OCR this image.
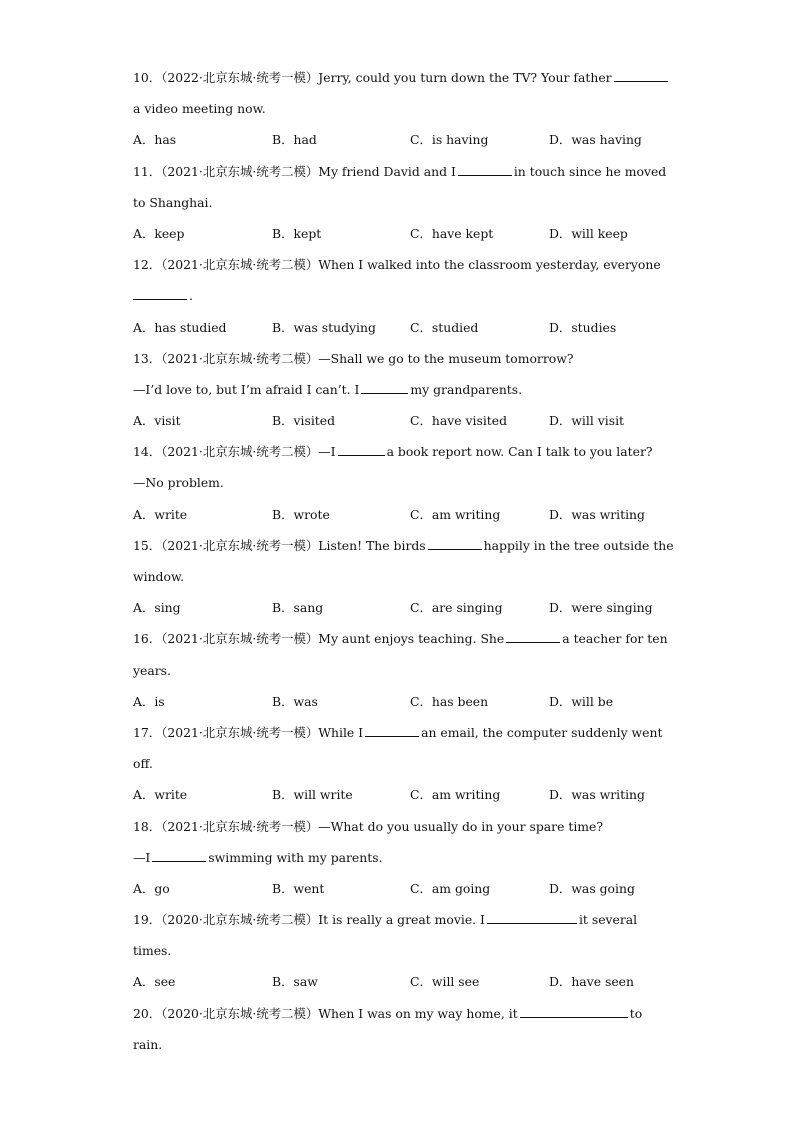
10．（2022·北京东城·统考一模）Jerry, could you turn down the TV? Your father
a video meeting now.
A．has	B．had	C．is having	D．was having
11．（2021·北京东城·统考二模）My friend David and I	in touch since he moved
to Shanghai.
A．keep	B．kept	C．have kept	D．will keep
12．（2021·北京东城·统考二模）When I walked into the classroom yesterday, everyone
.
A．has studied	B．was studying	C．studied	D．studies
13．（2021·北京东城·统考二模）—Shall we go to the museum tomorrow?
—I’d love to, but I’m afraid I can’t. I	my grandparents.
A．visit	B．visited	C．have visited	D．will visit
14．（2021·北京东城·统考二模）—I	a book report now. Can I talk to you later?
—No problem.
A．write	B．wrote	C．am writing	D．was writing
15．（2021·北京东城·统考一模）Listen! The birds	happily in the tree outside the
window.
A．sing	B．sang	C．are singing	D．were singing
16．（2021·北京东城·统考一模）My aunt enjoys teaching. She	a teacher for ten
years.
A．is	B．was	C．has been	D．will be
17．（2021·北京东城·统考一模）While I	an email, the computer suddenly went
off.
A．write	B．will write	C．am writing	D．was writing
18．（2021·北京东城·统考一模）—What do you usually do in your spare time?
—I	swimming with my parents.
A．go	B．went	C．am going	D．was going
19．（2020·北京东城·统考二模）It is really a great movie. I	it several
times.
A．see	B．saw	C．will see	D．have seen
20．（2020·北京东城·统考二模）When I was on my way home, it	to
rain.
